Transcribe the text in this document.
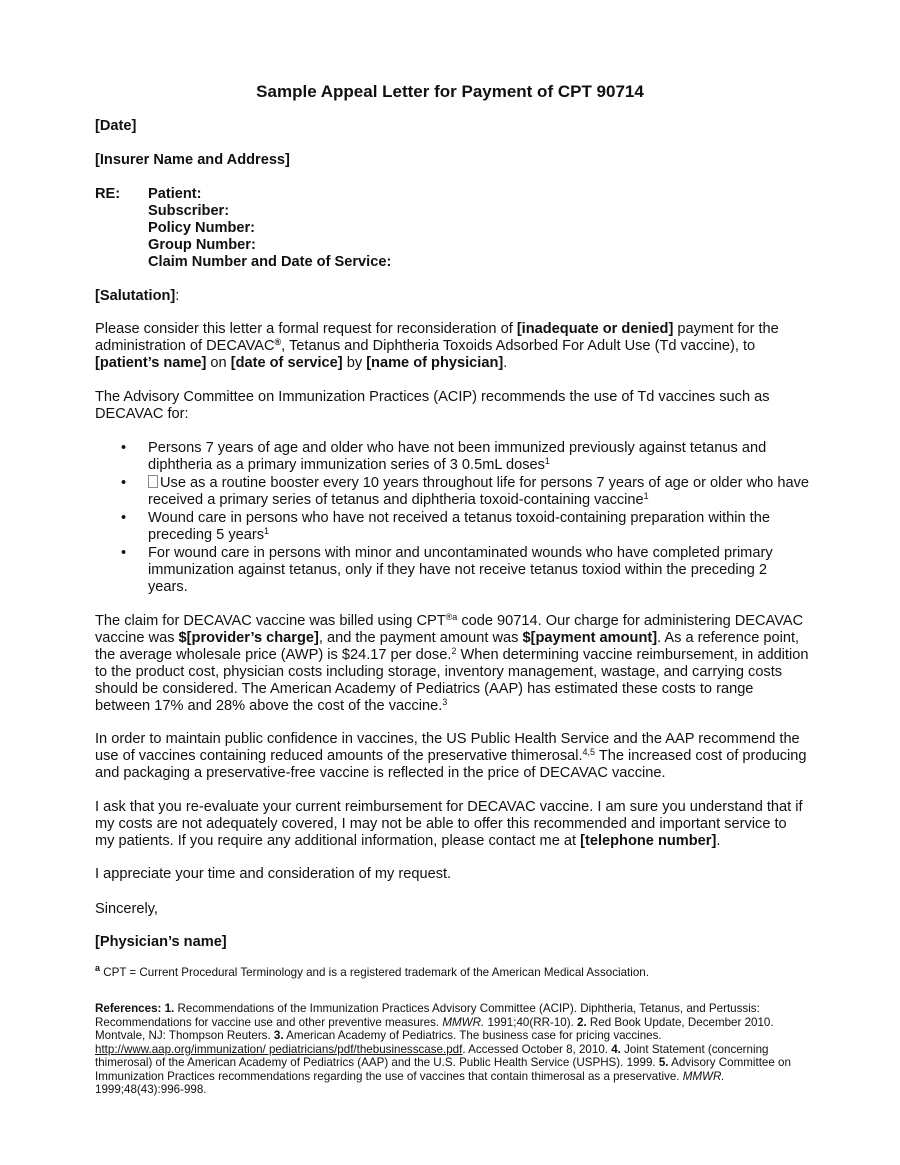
Sample Appeal Letter for Payment of CPT 90714
[Date]
[Insurer Name and Address]
RE: Patient:
Subscriber:
Policy Number:
Group Number:
Claim Number and Date of Service:
[Salutation]:
Please consider this letter a formal request for reconsideration of [inadequate or denied] payment for the administration of DECAVAC®, Tetanus and Diphtheria Toxoids Adsorbed For Adult Use (Td vaccine), to [patient’s name] on [date of service] by [name of physician].
The Advisory Committee on Immunization Practices (ACIP) recommends the use of Td vaccines such as DECAVAC for:
• Persons 7 years of age and older who have not been immunized previously against tetanus and diphtheria as a primary immunization series of 3 0.5mL doses$^1$
• Use as a routine booster every 10 years throughout life for persons 7 years of age or older who have received a primary series of tetanus and diphtheria toxoid-containing vaccine$^1$
• Wound care in persons who have not received a tetanus toxoid-containing preparation within the preceding 5 years$^1$
• For wound care in persons with minor and uncontaminated wounds who have completed primary immunization against tetanus, only if they have not receive tetanus toxiod within the preceding 2 years.
The claim for DECAVAC vaccine was billed using $CPT^{®a}$ code 90714. Our charge for administering DECAVAC vaccine was $[provider’s charge], and the payment amount was $[payment amount]. As a reference point, the average wholesale price (AWP) is $24.17 per dose.$^2$ When determining vaccine reimbursement, in addition to the product cost, physician costs including storage, inventory management, wastage, and carrying costs should be considered. The American Academy of Pediatrics (AAP) has estimated these costs to range between 17% and 28% above the cost of the vaccine.$^3$
In order to maintain public confidence in vaccines, the US Public Health Service and the AAP recommend the use of vaccines containing reduced amounts of the preservative thimerosal.$^{4,5}$ The increased cost of producing and packaging a preservative-free vaccine is reflected in the price of DECAVAC vaccine.
I ask that you re-evaluate your current reimbursement for DECAVAC vaccine. I am sure you understand that if my costs are not adequately covered, I may not be able to offer this recommended and important service to my patients. If you require any additional information, please contact me at [telephone number].
I appreciate your time and consideration of my request.
Sincerely,
[Physician’s name]
$^a$ CPT = Current Procedural Terminology and is a registered trademark of the American Medical Association.
References: 1. Recommendations of the Immunization Practices Advisory Committee (ACIP). Diphtheria, Tetanus, and Pertussis: Recommendations for vaccine use and other preventive measures. MMWR. 1991;40(RR-10). 2. Red Book Update, December 2010. Montvale, NJ: Thompson Reuters. 3. American Academy of Pediatrics. The business case for pricing vaccines. http://www.aap.org/immunization/ pediatricians/pdf/thebusinesscase.pdf. Accessed October 8, 2010. 4. Joint Statement (concerning thimerosal) of the American Academy of Pediatrics (AAP) and the U.S. Public Health Service (USPHS). 1999. 5. Advisory Committee on Immunization Practices recommendations regarding the use of vaccines that contain thimerosal as a preservative. MMWR. 1999;48(43):996-998.
